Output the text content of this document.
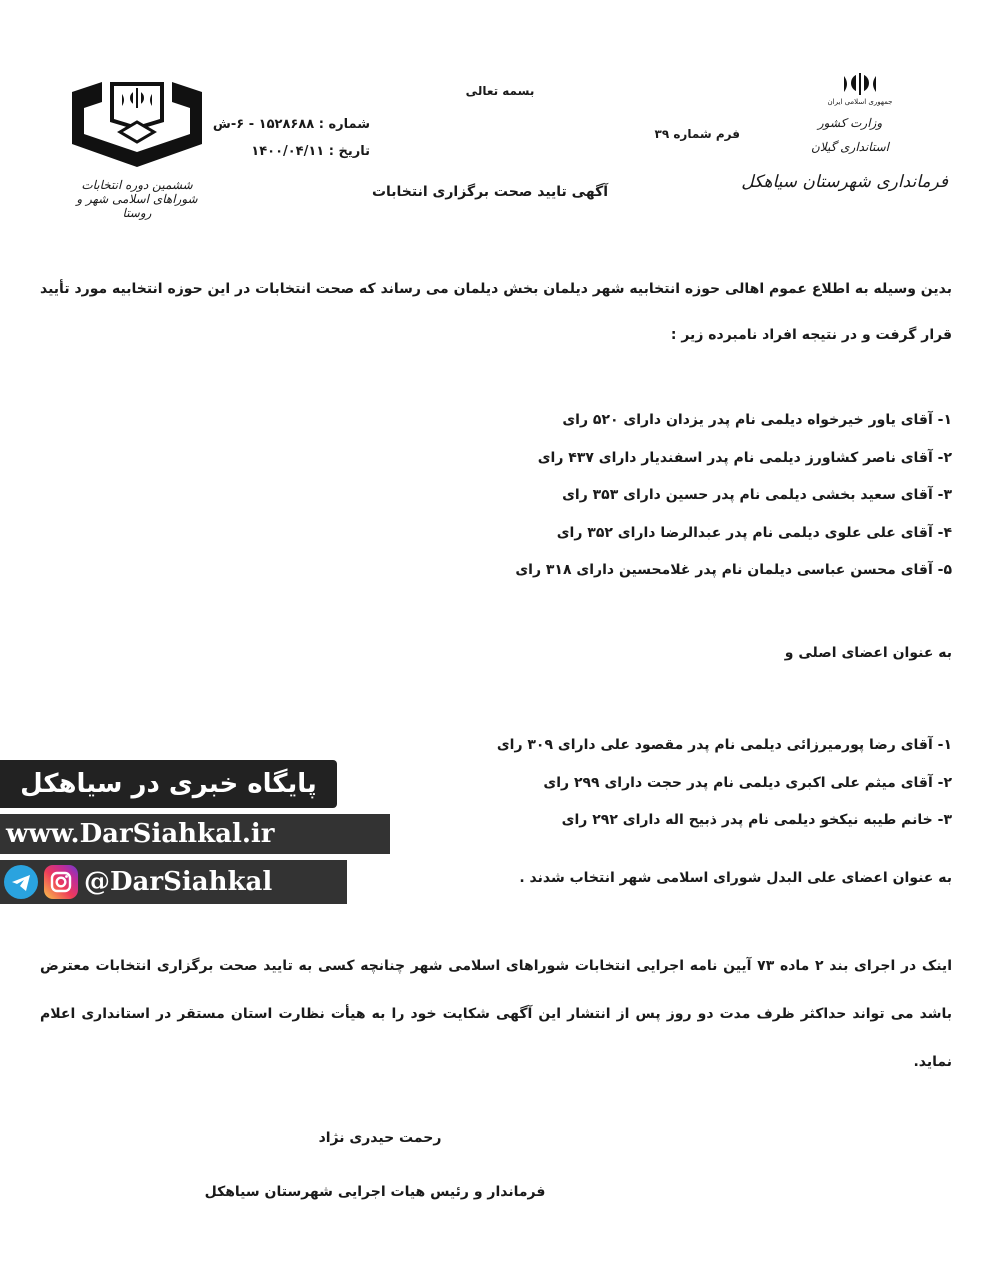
ششمین دوره انتخابات
شوراهای اسلامی شهر و روستا
شماره : ۱۵۲۸۶۸۸ - ۶-ش
تاریخ : ۱۴۰۰/۰۴/۱۱
بسمه تعالی
آگهی تایید صحت برگزاری انتخابات
فرم شماره ۳۹
جمهوری اسلامی ایران
وزارت کشور
استانداری گیلان
فرمانداری شهرستان سیاهکل
بدین وسیله به اطلاع عموم اهالی حوزه انتخابیه شهر دیلمان بخش دیلمان می رساند که صحت انتخابات در این حوزه انتخابیه مورد تأیید قرار گرفت و در نتیجه افراد نامبرده زیر :
۱- آقای یاور خیرخواه دیلمی نام پدر یزدان دارای ۵۲۰ رای
۲- آقای ناصر کشاورز دیلمی نام پدر اسفندیار دارای ۴۳۷ رای
۳- آقای سعید بخشی دیلمی نام پدر حسین دارای ۳۵۳ رای
۴- آقای علی علوی دیلمی نام پدر عبدالرضا دارای ۳۵۲ رای
۵- آقای محسن عباسی دیلمان نام پدر غلامحسین دارای ۳۱۸ رای
به عنوان اعضای اصلی و
۱- آقای رضا پورمیرزائی دیلمی نام پدر مقصود علی دارای ۳۰۹ رای
۲- آقای میثم علی اکبری دیلمی نام پدر حجت دارای ۲۹۹ رای
۳- خانم طیبه نیکخو دیلمی نام پدر ذبیح اله دارای ۲۹۲ رای
به عنوان اعضای علی البدل شورای اسلامی شهر انتخاب شدند .
اینک در اجرای بند ۲ ماده ۷۳ آیین نامه اجرایی انتخابات شوراهای اسلامی شهر چنانچه کسی به تایید صحت برگزاری انتخابات معترض باشد می تواند حداکثر ظرف مدت دو روز پس از انتشار این آگهی شکایت خود را به هیأت نظارت استان مستقر در استانداری اعلام نماید.
رحمت حیدری نژاد
فرماندار و رئیس هیات اجرایی شهرستان سیاهکل
پایگاه خبری در سیاهکل
www.DarSiahkal.ir
@DarSiahkal
